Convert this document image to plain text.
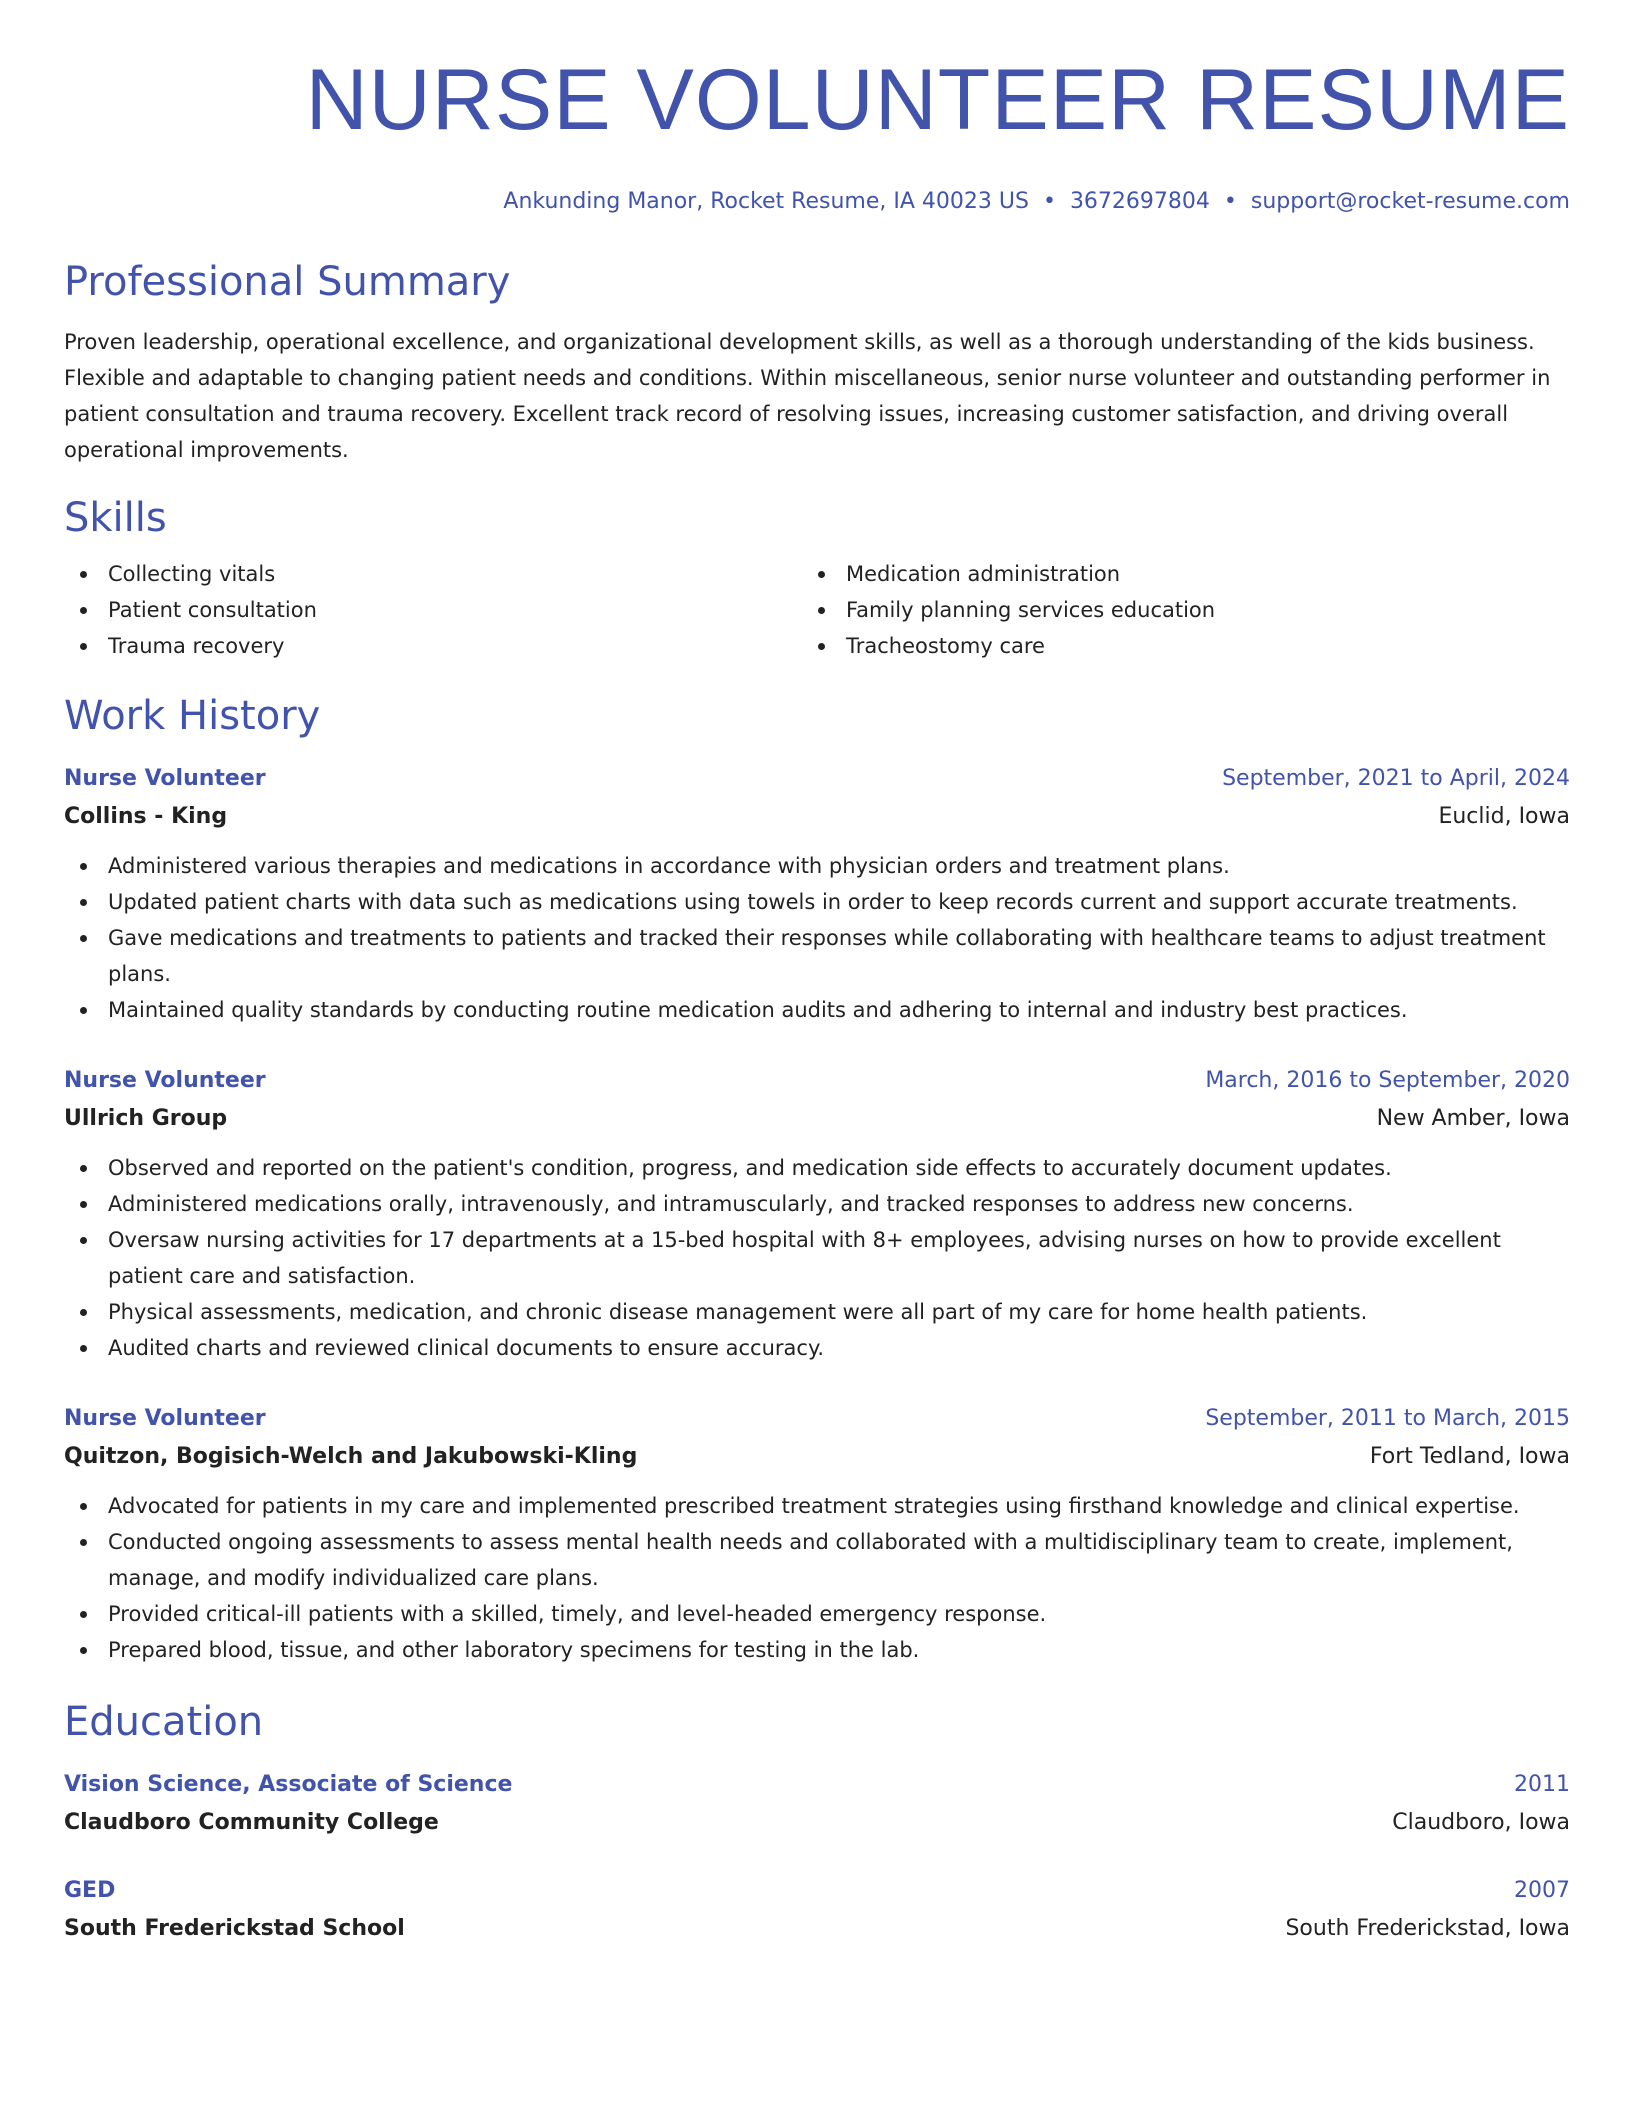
NURSE VOLUNTEER RESUME
Ankunding Manor, Rocket Resume, IA 40023 US • 3672697804 • support@rocket-resume.com
Professional Summary

Proven leadership, operational excellence, and organizational development skills, as well as a thorough understanding of the kids business. Flexible and adaptable to changing patient needs and conditions. Within miscellaneous, senior nurse volunteer and outstanding performer in patient consultation and trauma recovery. Excellent track record of resolving issues, increasing customer satisfaction, and driving overall operational improvements.

Skills
Collecting vitals
Patient consultation
Trauma recovery
Medication administration
Family planning services education
Tracheostomy care
Work History
Nurse Volunteer	September, 2021 to April, 2024
Collins - King	Euclid, Iowa
Administered various therapies and medications in accordance with physician orders and treatment plans.
Updated patient charts with data such as medications using towels in order to keep records current and support accurate treatments.
Gave medications and treatments to patients and tracked their responses while collaborating with healthcare teams to adjust treatment plans.
Maintained quality standards by conducting routine medication audits and adhering to internal and industry best practices.
Nurse Volunteer	March, 2016 to September, 2020
Ullrich Group	New Amber, Iowa
Observed and reported on the patient's condition, progress, and medication side effects to accurately document updates.
Administered medications orally, intravenously, and intramuscularly, and tracked responses to address new concerns.
Oversaw nursing activities for 17 departments at a 15-bed hospital with 8+ employees, advising nurses on how to provide excellent patient care and satisfaction.
Physical assessments, medication, and chronic disease management were all part of my care for home health patients.
Audited charts and reviewed clinical documents to ensure accuracy.
Nurse Volunteer	September, 2011 to March, 2015
Quitzon, Bogisich-Welch and Jakubowski-Kling	Fort Tedland, Iowa
Advocated for patients in my care and implemented prescribed treatment strategies using firsthand knowledge and clinical expertise.
Conducted ongoing assessments to assess mental health needs and collaborated with a multidisciplinary team to create, implement, manage, and modify individualized care plans.
Provided critical-ill patients with a skilled, timely, and level-headed emergency response.
Prepared blood, tissue, and other laboratory specimens for testing in the lab.
Education
Vision Science, Associate of Science	2011
Claudboro Community College	Claudboro, Iowa
GED	2007
South Frederickstad School	South Frederickstad, Iowa
